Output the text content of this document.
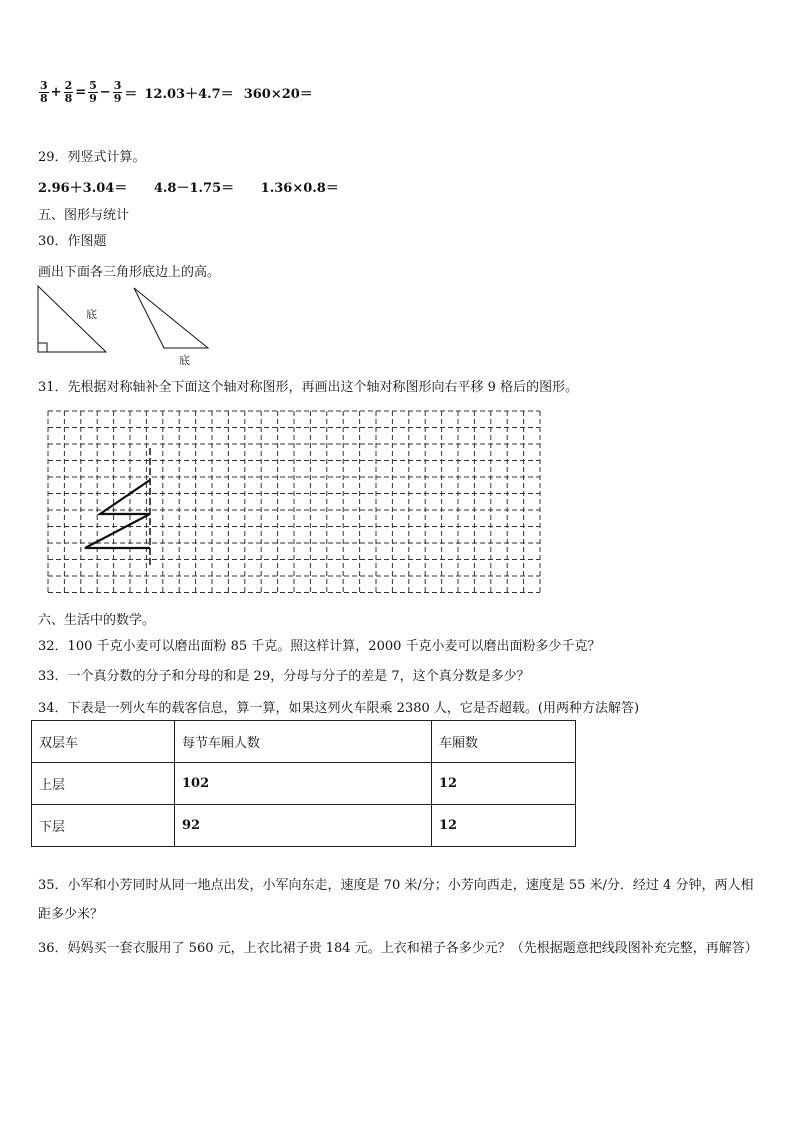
$\frac{3}{8} + \frac{2}{8} = \frac{5}{9} - \frac{3}{9} = 12.03+4.7= 360\times 20=$
29．列竖式计算。
2.96＋3.04＝ 4.8－1.75＝ 1.36×0.8＝
五、图形与统计
30．作图题
画出下面各三角形底边上的高。
底
底
31．先根据对称轴补全下面这个轴对称图形，再画出这个轴对称图形向右平移 9 格后的图形。
六、生活中的数学。
32．100 千克小麦可以磨出面粉 85 千克。照这样计算，2000 千克小麦可以磨出面粉多少千克？
33．一个真分数的分子和分母的和是 29，分母与分子的差是 7，这个真分数是多少？
34．下表是一列火车的载客信息，算一算，如果这列火车限乘 2380 人，它是否超载。(用两种方法解答)
双层车	每节车厢人数	车厢数
上层	102	12
下层	92	12
35．小军和小芳同时从同一地点出发，小军向东走，速度是 70 米/分；小芳向西走，速度是 55 米/分．经过 4 分钟，两人相距多少米？
36．妈妈买一套衣服用了 560 元，上衣比裙子贵 184 元。上衣和裙子各多少元？（先根据题意把线段图补充完整，再解答）
